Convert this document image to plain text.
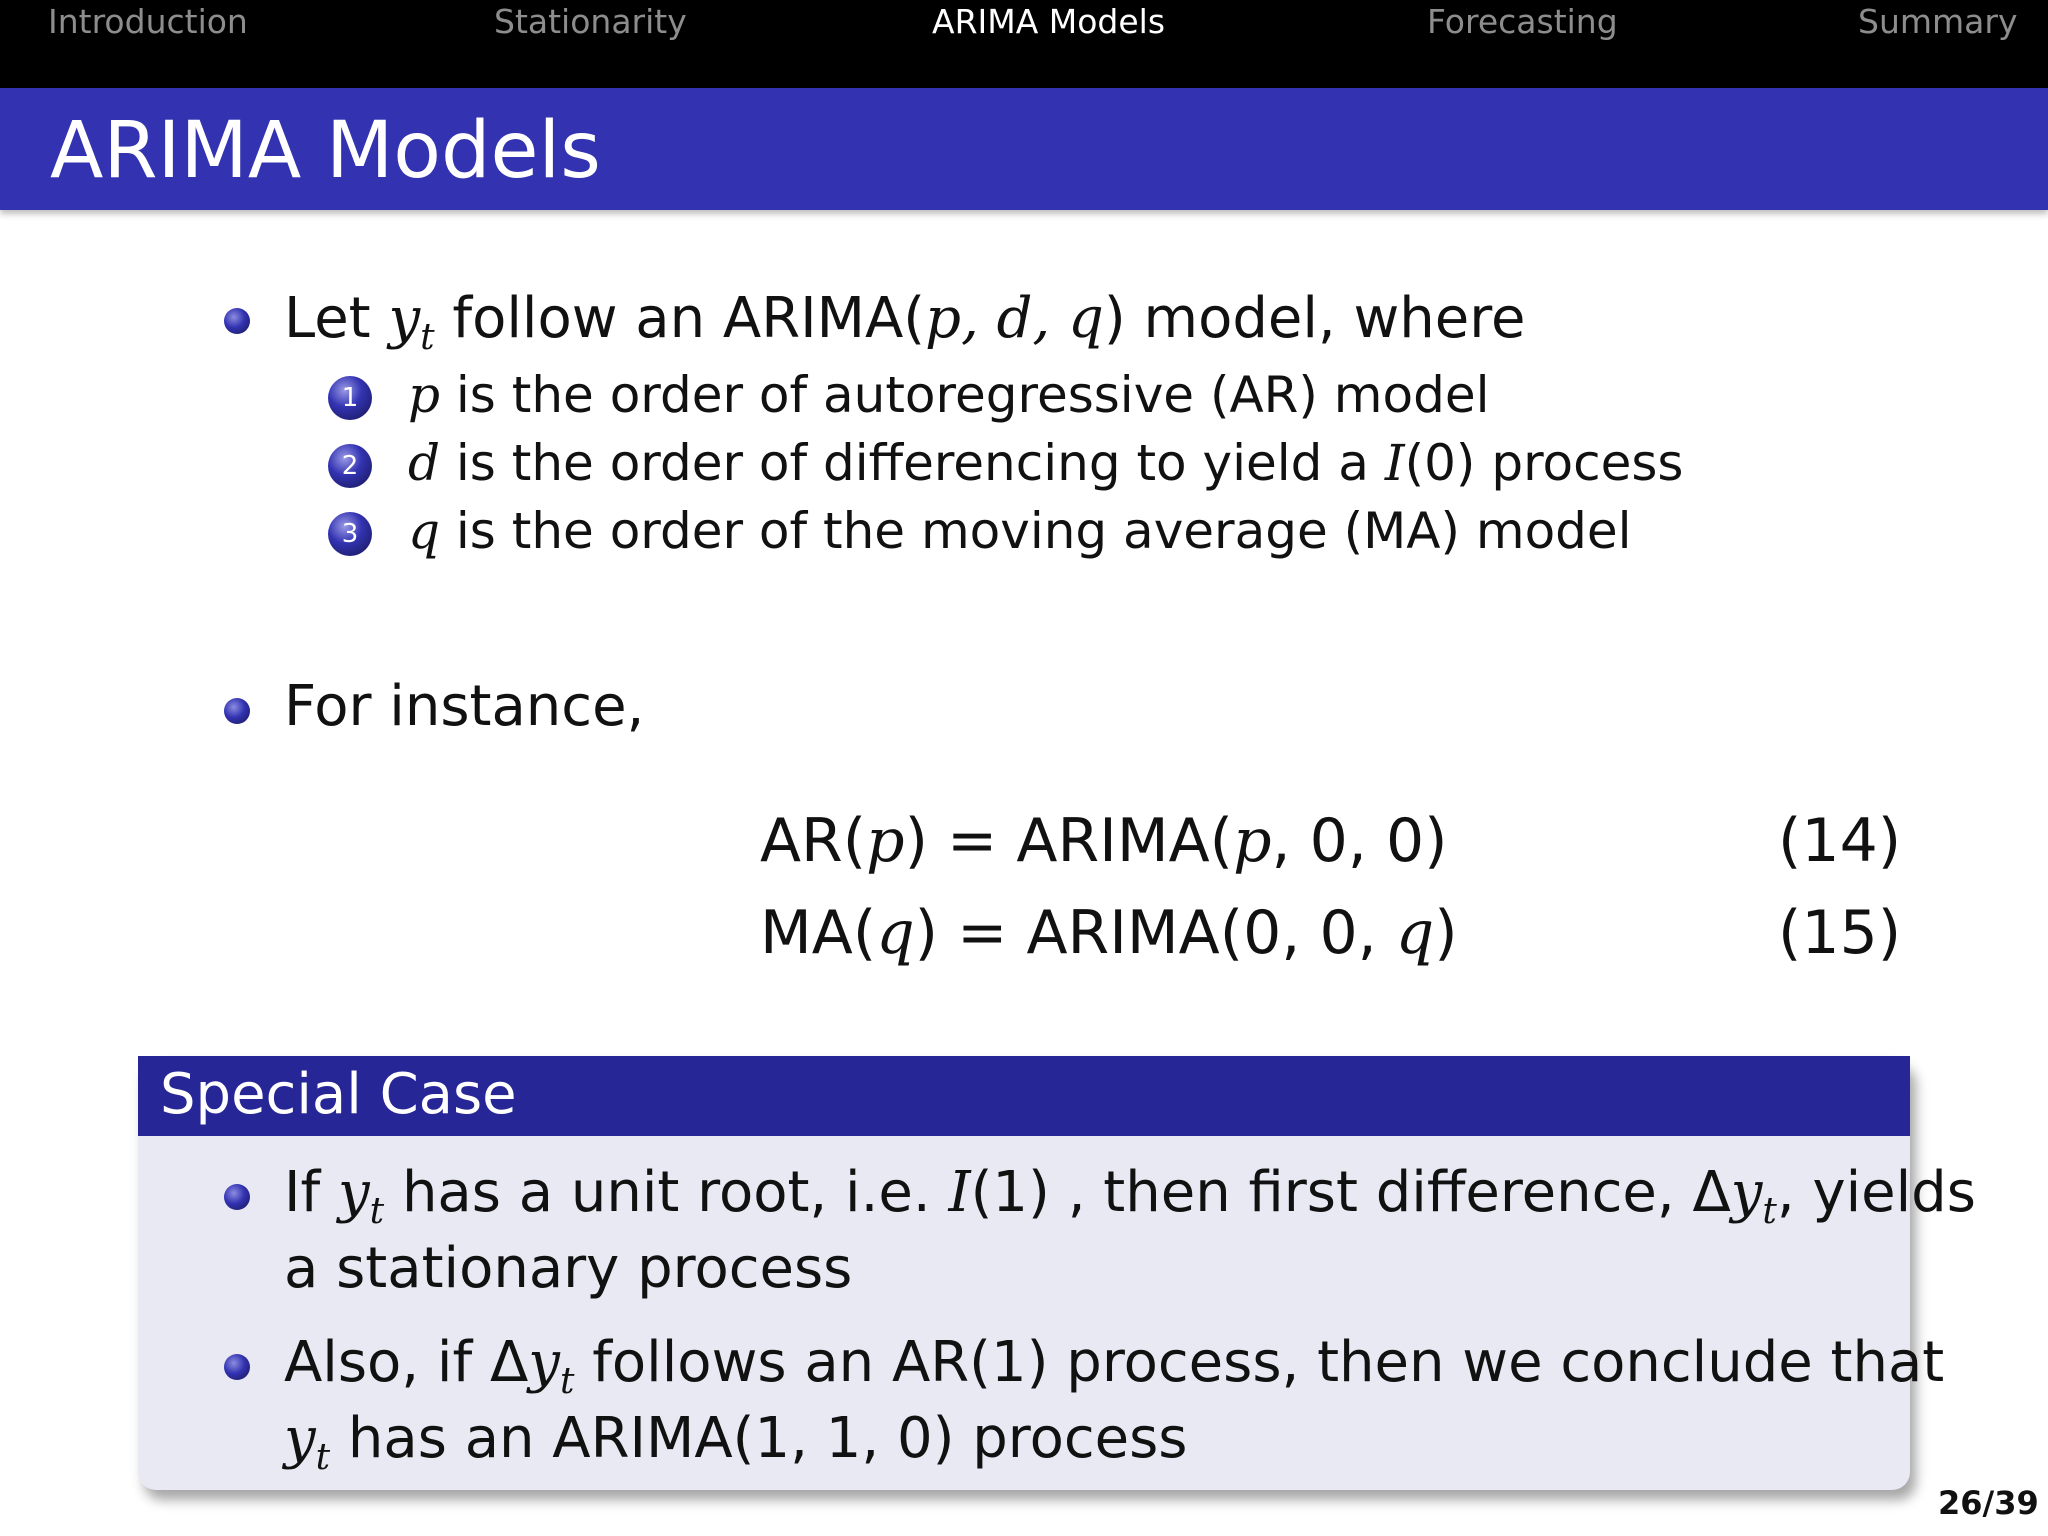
Introduction	Stationarity	ARIMA Models	Forecasting	Summary
ARIMA Models
Let $y_t$ follow an ARIMA(p, d, q) model, where
1 p is the order of autoregressive (AR) model
2 d is the order of differencing to yield a I(0) process
3 q is the order of the moving average (MA) model
For instance,
AR(p) = ARIMA(p, 0, 0)	(14)
MA(q) = ARIMA(0, 0, q)	(15)
Special Case
If $y_t$ has a unit root, i.e. I(1) , then first difference, $\Delta y_t$, yields
a stationary process
Also, if $\Delta y_t$ follows an AR(1) process, then we conclude that
$y_t$ has an ARIMA(1, 1, 0) process
26/39
